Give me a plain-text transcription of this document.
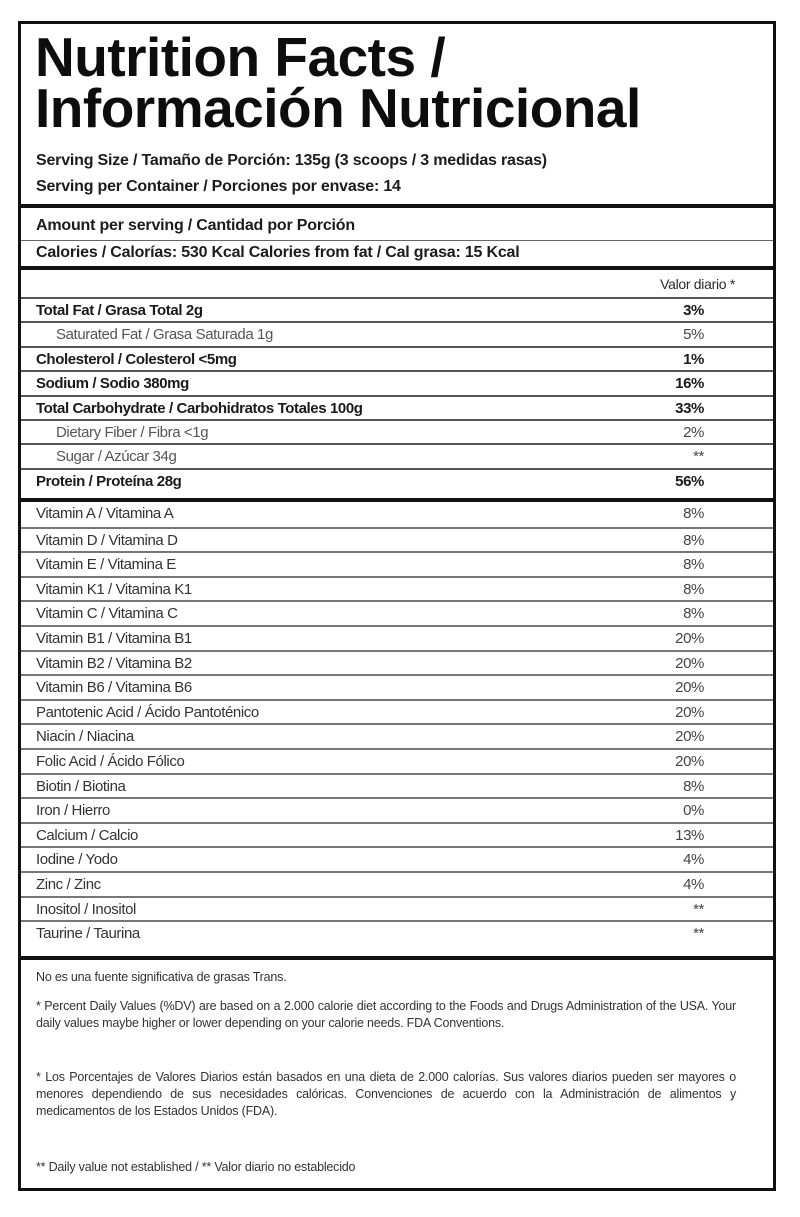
Nutrition Facts /
Información Nutricional
Serving Size / Tamaño de Porción: 135g (3 scoops / 3 medidas rasas)
Serving per Container / Porciones por envase: 14
Amount per serving / Cantidad por Porción
Calories / Calorías: 530 Kcal Calories from fat / Cal grasa: 15 Kcal
Valor diario *
Total Fat / Grasa Total 2g	3%
Saturated Fat / Grasa Saturada 1g	5%
Cholesterol / Colesterol <5mg	1%
Sodium / Sodio 380mg	16%
Total Carbohydrate / Carbohidratos Totales 100g	33%
Dietary Fiber / Fibra <1g	2%
Sugar / Azúcar 34g	**
Protein / Proteína 28g	56%
Vitamin A / Vitamina A	8%
Vitamin D / Vitamina D	8%
Vitamin E / Vitamina E	8%
Vitamin K1 / Vitamina K1	8%
Vitamin C / Vitamina C	8%
Vitamin B1 / Vitamina B1	20%
Vitamin B2 / Vitamina B2	20%
Vitamin B6 / Vitamina B6	20%
Pantotenic Acid / Ácido Pantoténico	20%
Niacin / Niacina	20%
Folic Acid / Ácido Fólico	20%
Biotin / Biotina	8%
Iron / Hierro	0%
Calcium / Calcio	13%
Iodine / Yodo	4%
Zinc / Zinc	4%
Inositol / Inositol	**
Taurine / Taurina	**
No es una fuente significativa de grasas Trans.
* Percent Daily Values (%DV) are based on a 2.000 calorie diet according to the Foods and Drugs Administration of the USA. Your daily values maybe higher or lower depending on your calorie needs. FDA Conventions.
* Los Porcentajes de Valores Diarios están basados en una dieta de 2.000 calorías. Sus valores diarios pueden ser mayores o menores dependiendo de sus necesidades calóricas. Convenciones de acuerdo con la Administración de alimentos y medicamentos de los Estados Unidos (FDA).
** Daily value not established / ** Valor diario no establecido
